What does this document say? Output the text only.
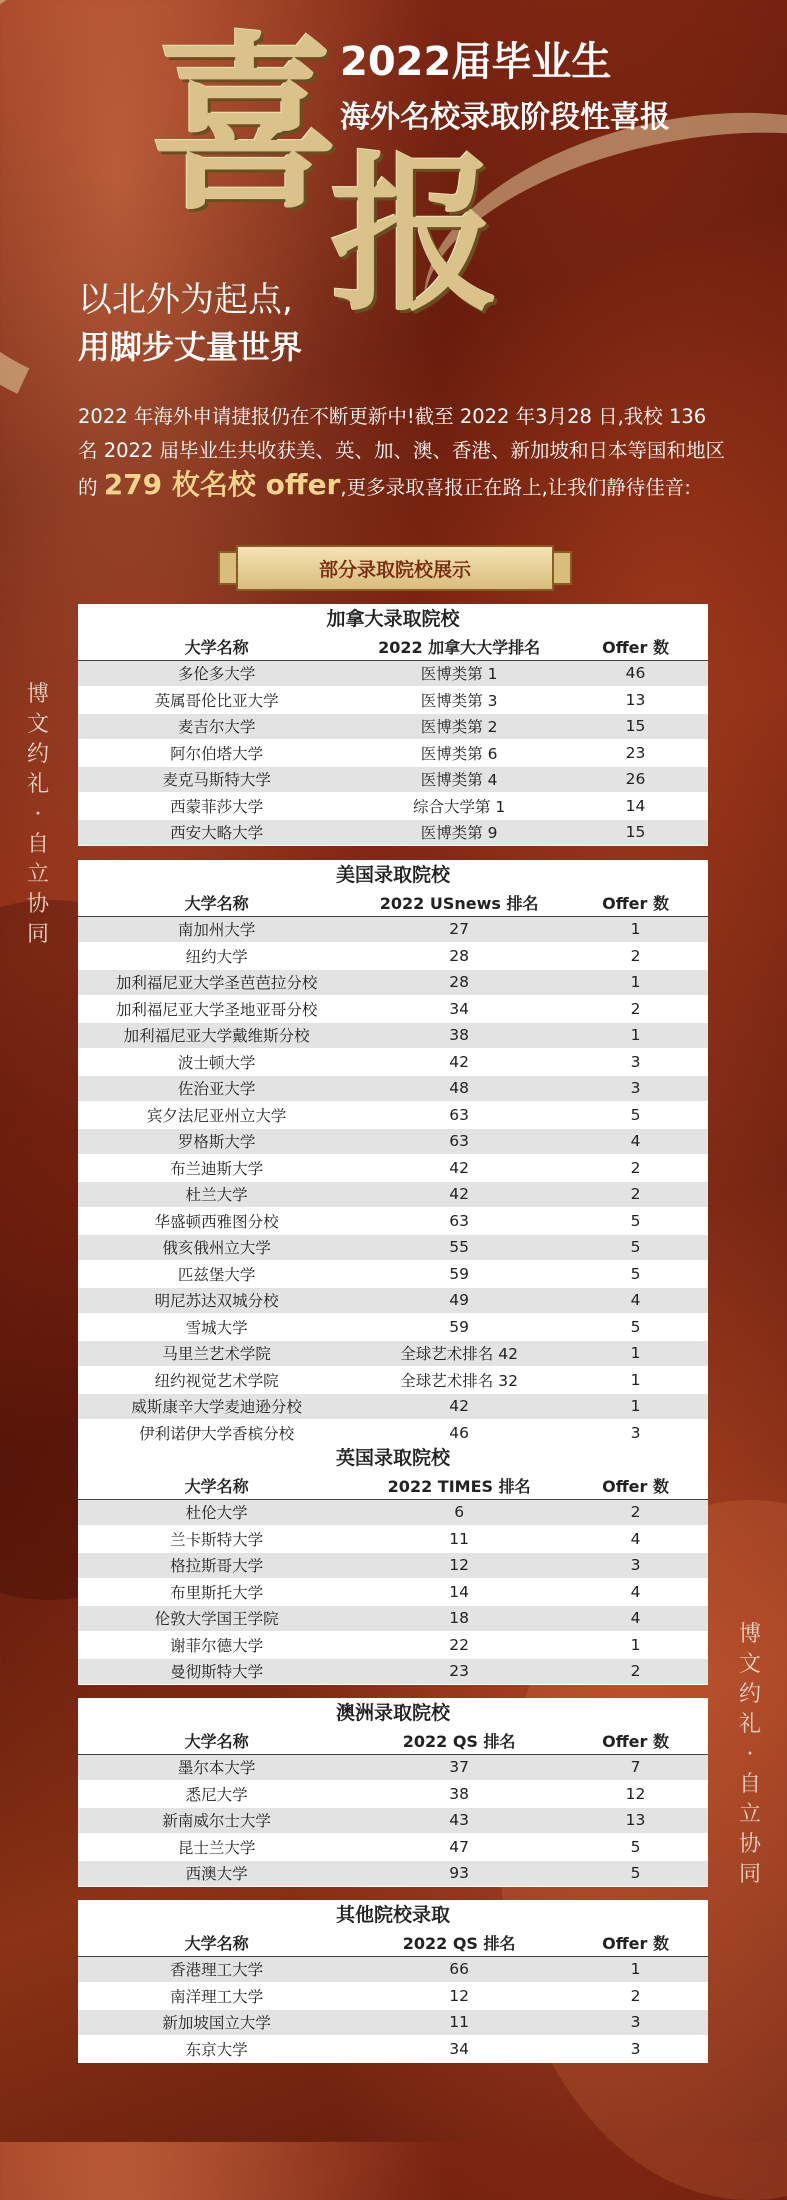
喜
报
2022届毕业生
海外名校录取阶段性喜报
以北外为起点,
用脚步丈量世界
2022 年海外申请捷报仍在不断更新中!截至 2022 年3月28 日,我校 136 名 2022 届毕业生共收获美、英、加、澳、香港、新加坡和日本等国和地区的 279 枚名校 offer,更多录取喜报正在路上,让我们静待佳音:
部分录取院校展示
博文约礼·自立协同
博文约礼·自立协同
加拿大录取院校
大学名称	2022 加拿大大学排名	Offer 数
多伦多大学	医博类第 1	46
英属哥伦比亚大学	医博类第 3	13
麦吉尔大学	医博类第 2	15
阿尔伯塔大学	医博类第 6	23
麦克马斯特大学	医博类第 4	26
西蒙菲莎大学	综合大学第 1	14
西安大略大学	医博类第 9	15
美国录取院校
大学名称	2022 USnews 排名	Offer 数
南加州大学	27	1
纽约大学	28	2
加利福尼亚大学圣芭芭拉分校	28	1
加利福尼亚大学圣地亚哥分校	34	2
加利福尼亚大学戴维斯分校	38	1
波士顿大学	42	3
佐治亚大学	48	3
宾夕法尼亚州立大学	63	5
罗格斯大学	63	4
布兰迪斯大学	42	2
杜兰大学	42	2
华盛顿西雅图分校	63	5
俄亥俄州立大学	55	5
匹兹堡大学	59	5
明尼苏达双城分校	49	4
雪城大学	59	5
马里兰艺术学院	全球艺术排名 42	1
纽约视觉艺术学院	全球艺术排名 32	1
威斯康辛大学麦迪逊分校	42	1
伊利诺伊大学香槟分校	46	3
英国录取院校
大学名称	2022 TIMES 排名	Offer 数
杜伦大学	6	2
兰卡斯特大学	11	4
格拉斯哥大学	12	3
布里斯托大学	14	4
伦敦大学国王学院	18	4
谢菲尔德大学	22	1
曼彻斯特大学	23	2
澳洲录取院校
大学名称	2022 QS 排名	Offer 数
墨尔本大学	37	7
悉尼大学	38	12
新南威尔士大学	43	13
昆士兰大学	47	5
西澳大学	93	5
其他院校录取
大学名称	2022 QS 排名	Offer 数
香港理工大学	66	1
南洋理工大学	12	2
新加坡国立大学	11	3
东京大学	34	3
